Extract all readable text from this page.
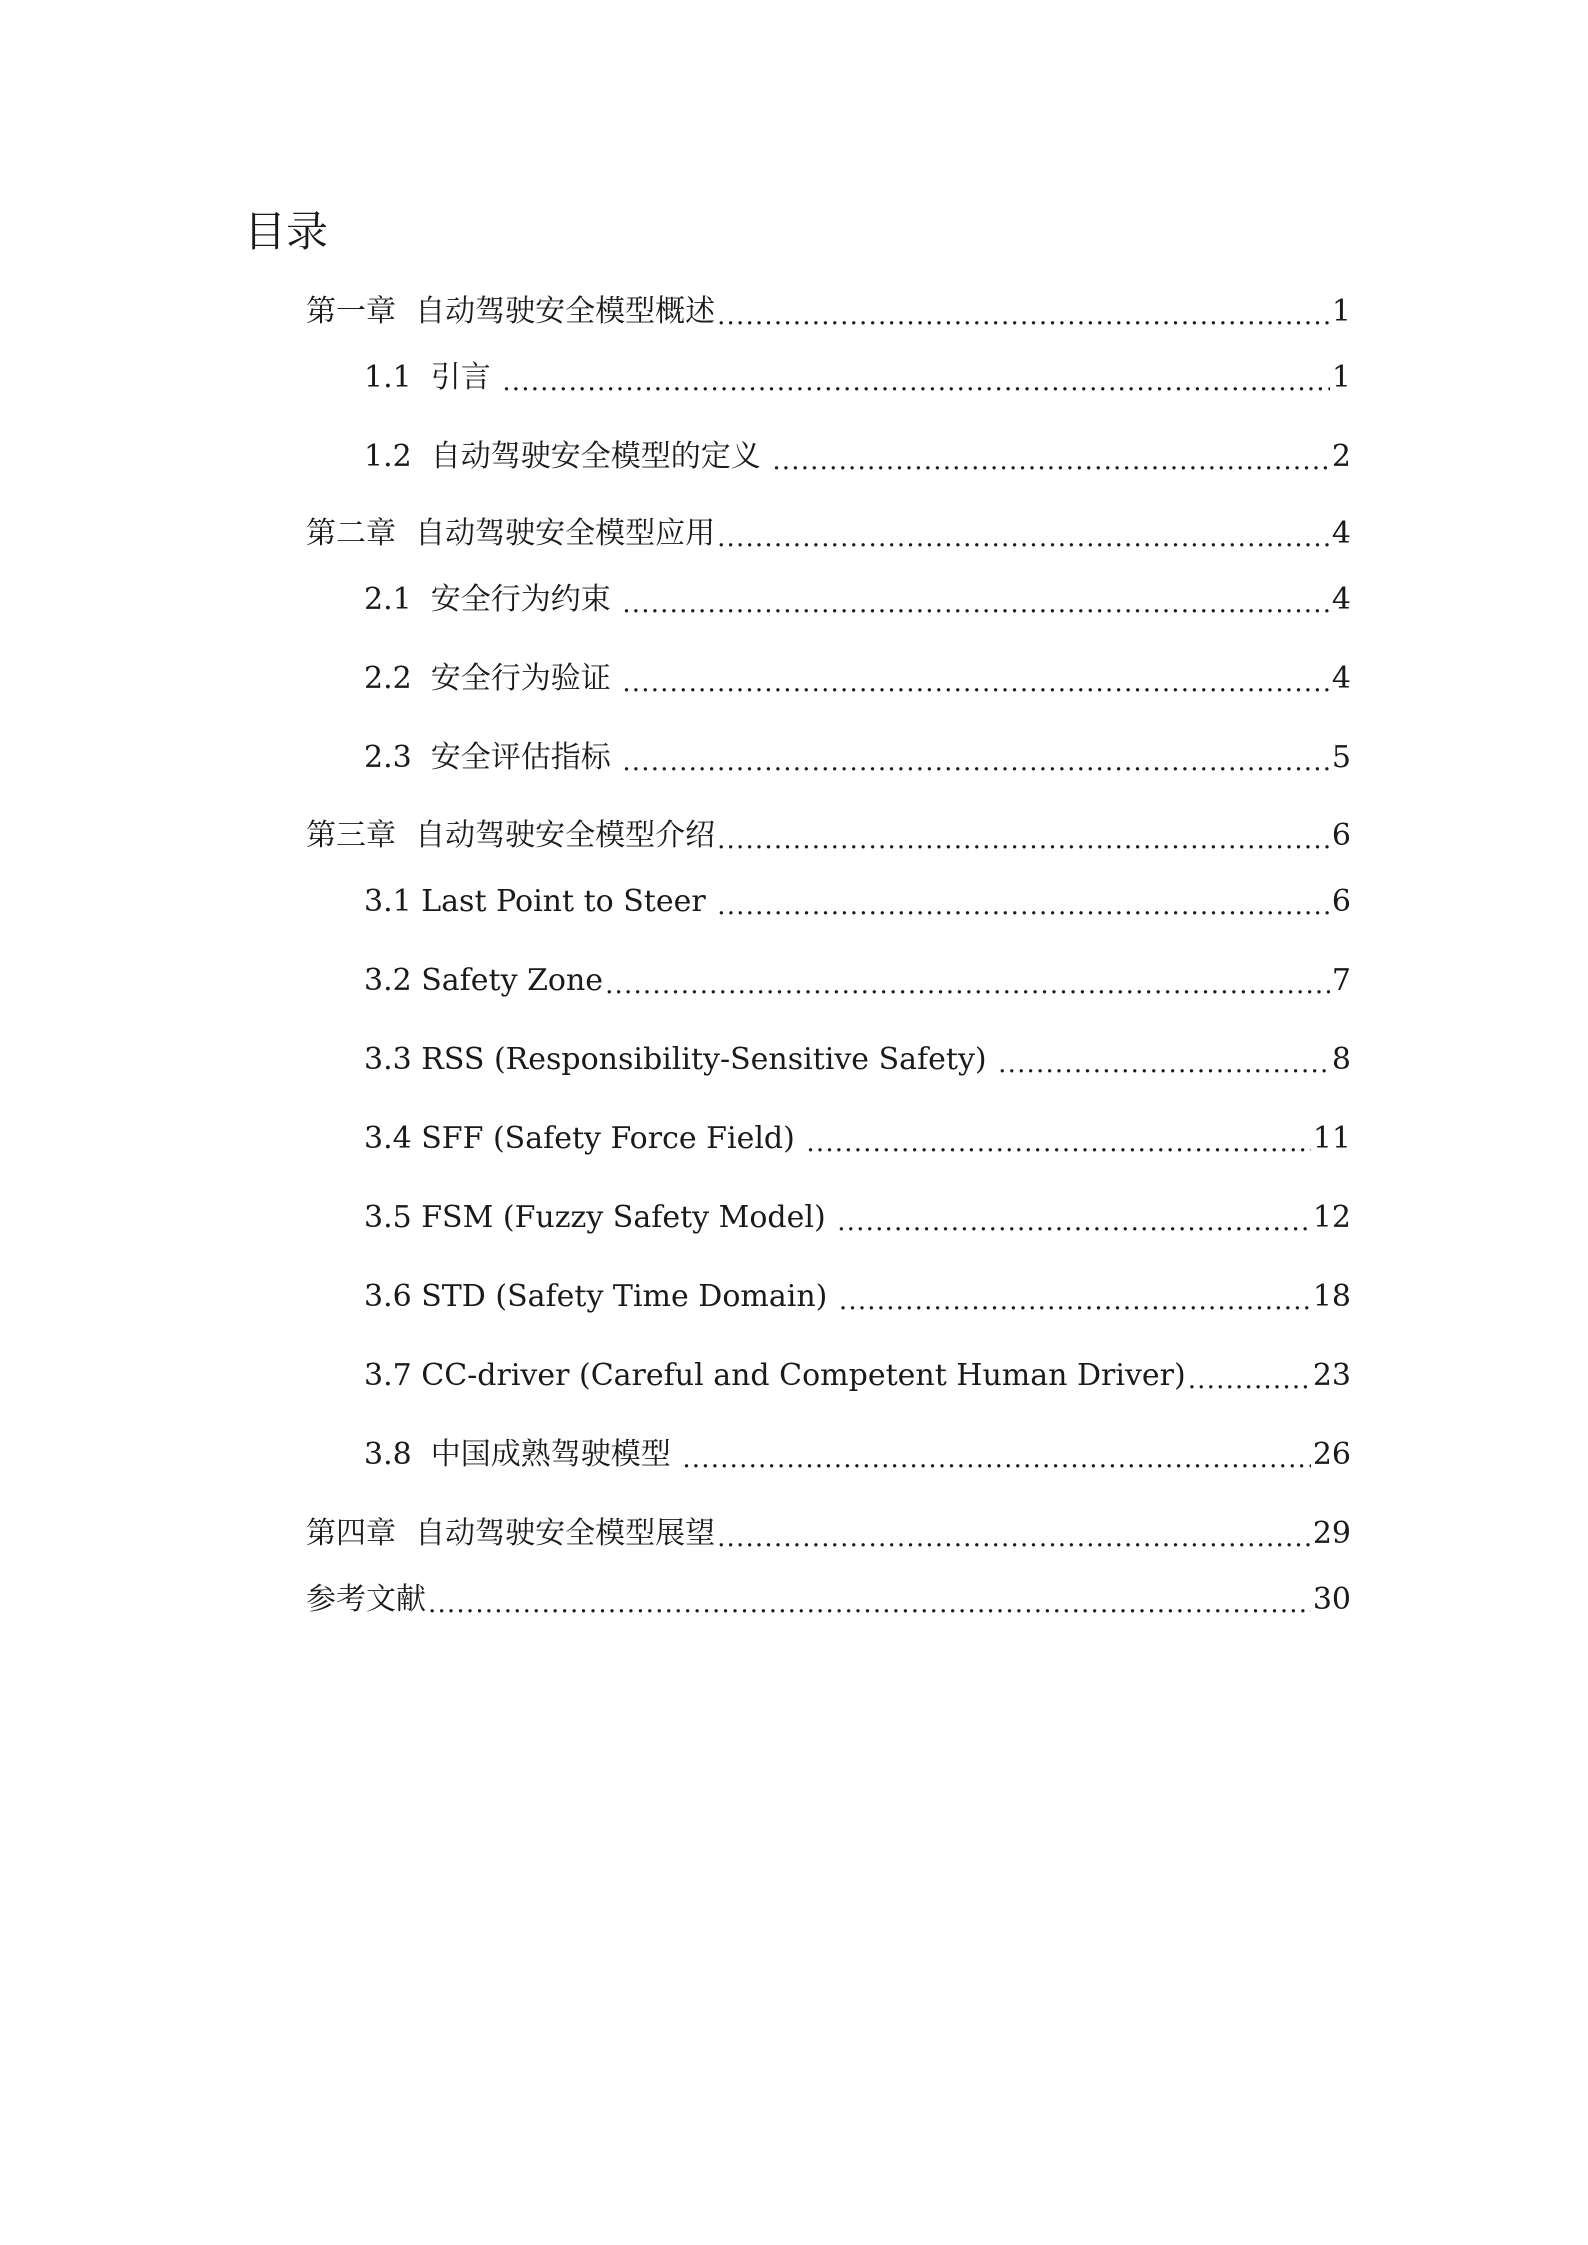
目录
第一章  自动驾驶安全模型概述 .....	1
1.1  引言 .....	1
1.2  自动驾驶安全模型的定义 .....	2
第二章  自动驾驶安全模型应用 .....	4
2.1  安全行为约束 .....	4
2.2  安全行为验证 .....	4
2.3  安全评估指标 .....	5
第三章  自动驾驶安全模型介绍 .....	6
3.1 Last Point to Steer .....	6
3.2 Safety Zone .....	7
3.3 RSS (Responsibility-Sensitive Safety) .....	8
3.4 SFF (Safety Force Field) .....	11
3.5 FSM (Fuzzy Safety Model) .....	12
3.6 STD (Safety Time Domain) .....	18
3.7 CC-driver (Careful and Competent Human Driver) .....	23
3.8  中国成熟驾驶模型 .....	26
第四章  自动驾驶安全模型展望 .....	29
参考文献 .....	30
